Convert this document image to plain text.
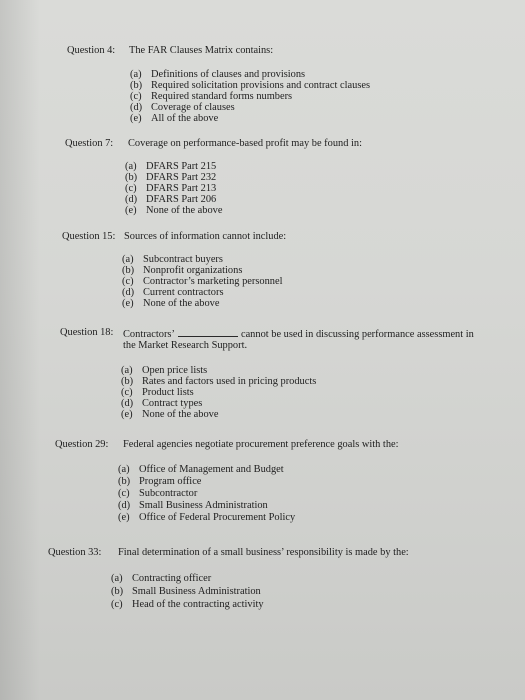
Question 4: The FAR Clauses Matrix contains:
(a) Definitions of clauses and provisions
(b) Required solicitation provisions and contract clauses
(c) Required standard forms numbers
(d) Coverage of clauses
(e) All of the above
Question 7: Coverage on performance-based profit may be found in:
(a) DFARS Part 215
(b) DFARS Part 232
(c) DFARS Part 213
(d) DFARS Part 206
(e) None of the above
Question 15: Sources of information cannot include:
(a) Subcontract buyers
(b) Nonprofit organizations
(c) Contractor’s marketing personnel
(d) Current contractors
(e) None of the above
Question 18: Contractors’	cannot be used in discussing performance assessment in
the Market Research Support.
(a) Open price lists
(b) Rates and factors used in pricing products
(c) Product lists
(d) Contract types
(e) None of the above
Question 29: Federal agencies negotiate procurement preference goals with the:
(a) Office of Management and Budget
(b) Program office
(c) Subcontractor
(d) Small Business Administration
(e) Office of Federal Procurement Policy
Question 33: Final determination of a small business’ responsibility is made by the:
(a) Contracting officer
(b) Small Business Administration
(c) Head of the contracting activity
